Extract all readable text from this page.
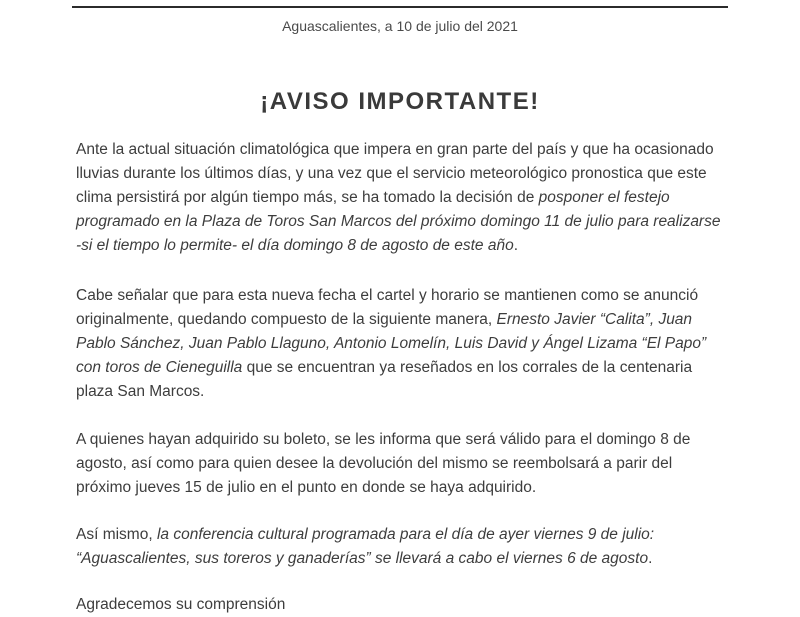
Aguascalientes, a 10 de julio del 2021
¡AVISO IMPORTANTE!

Ante la actual situación climatológica que impera en gran parte del país y que ha ocasionado lluvias durante los últimos días, y una vez que el servicio meteorológico pronostica que este clima persistirá por algún tiempo más, se ha tomado la decisión de posponer el festejo programado en la Plaza de Toros San Marcos del próximo domingo 11 de julio para realizarse -si el tiempo lo permite- el día domingo 8 de agosto de este año.

Cabe señalar que para esta nueva fecha el cartel y horario se mantienen como se anunció originalmente, quedando compuesto de la siguiente manera, Ernesto Javier “Calita”, Juan Pablo Sánchez, Juan Pablo Llaguno, Antonio Lomelín, Luis David y Ángel Lizama “El Papo” con toros de Cieneguilla que se encuentran ya reseñados en los corrales de la centenaria plaza San Marcos.

A quienes hayan adquirido su boleto, se les informa que será válido para el domingo 8 de agosto, así como para quien desee la devolución del mismo se reembolsará a parir del próximo jueves 15 de julio en el punto en donde se haya adquirido.

Así mismo, la conferencia cultural programada para el día de ayer viernes 9 de julio: “Aguascalientes, sus toreros y ganaderías” se llevará a cabo el viernes 6 de agosto.

Agradecemos su comprensión
